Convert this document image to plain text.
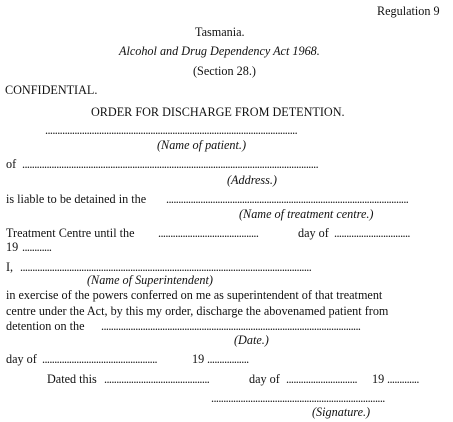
Regulation 9
Tasmania.
Alcohol and Drug Dependency Act 1968.
(Section 28.)
CONFIDENTIAL.
ORDER FOR DISCHARGE FROM DETENTION.
.......................................................................................................
(Name of patient.)
of .........................................................................................................................
(Address.)
is liable to be detained in the ...................................................................................................
(Name of treatment centre.)
Treatment Centre until the .........................................	day of ...............................
19 ............
I, .......................................................................................................................
(Name of Superintendent)
in exercise of the powers conferred on me as superintendent of that treatment
centre under the Act, by this my order, discharge the abovenamed patient from
detention on the ..........................................................................................................
(Date.)
day of ...............................................	19 .................
Dated this ...........................................	day of ............................. 19 .............
.......................................................................
(Signature.)
